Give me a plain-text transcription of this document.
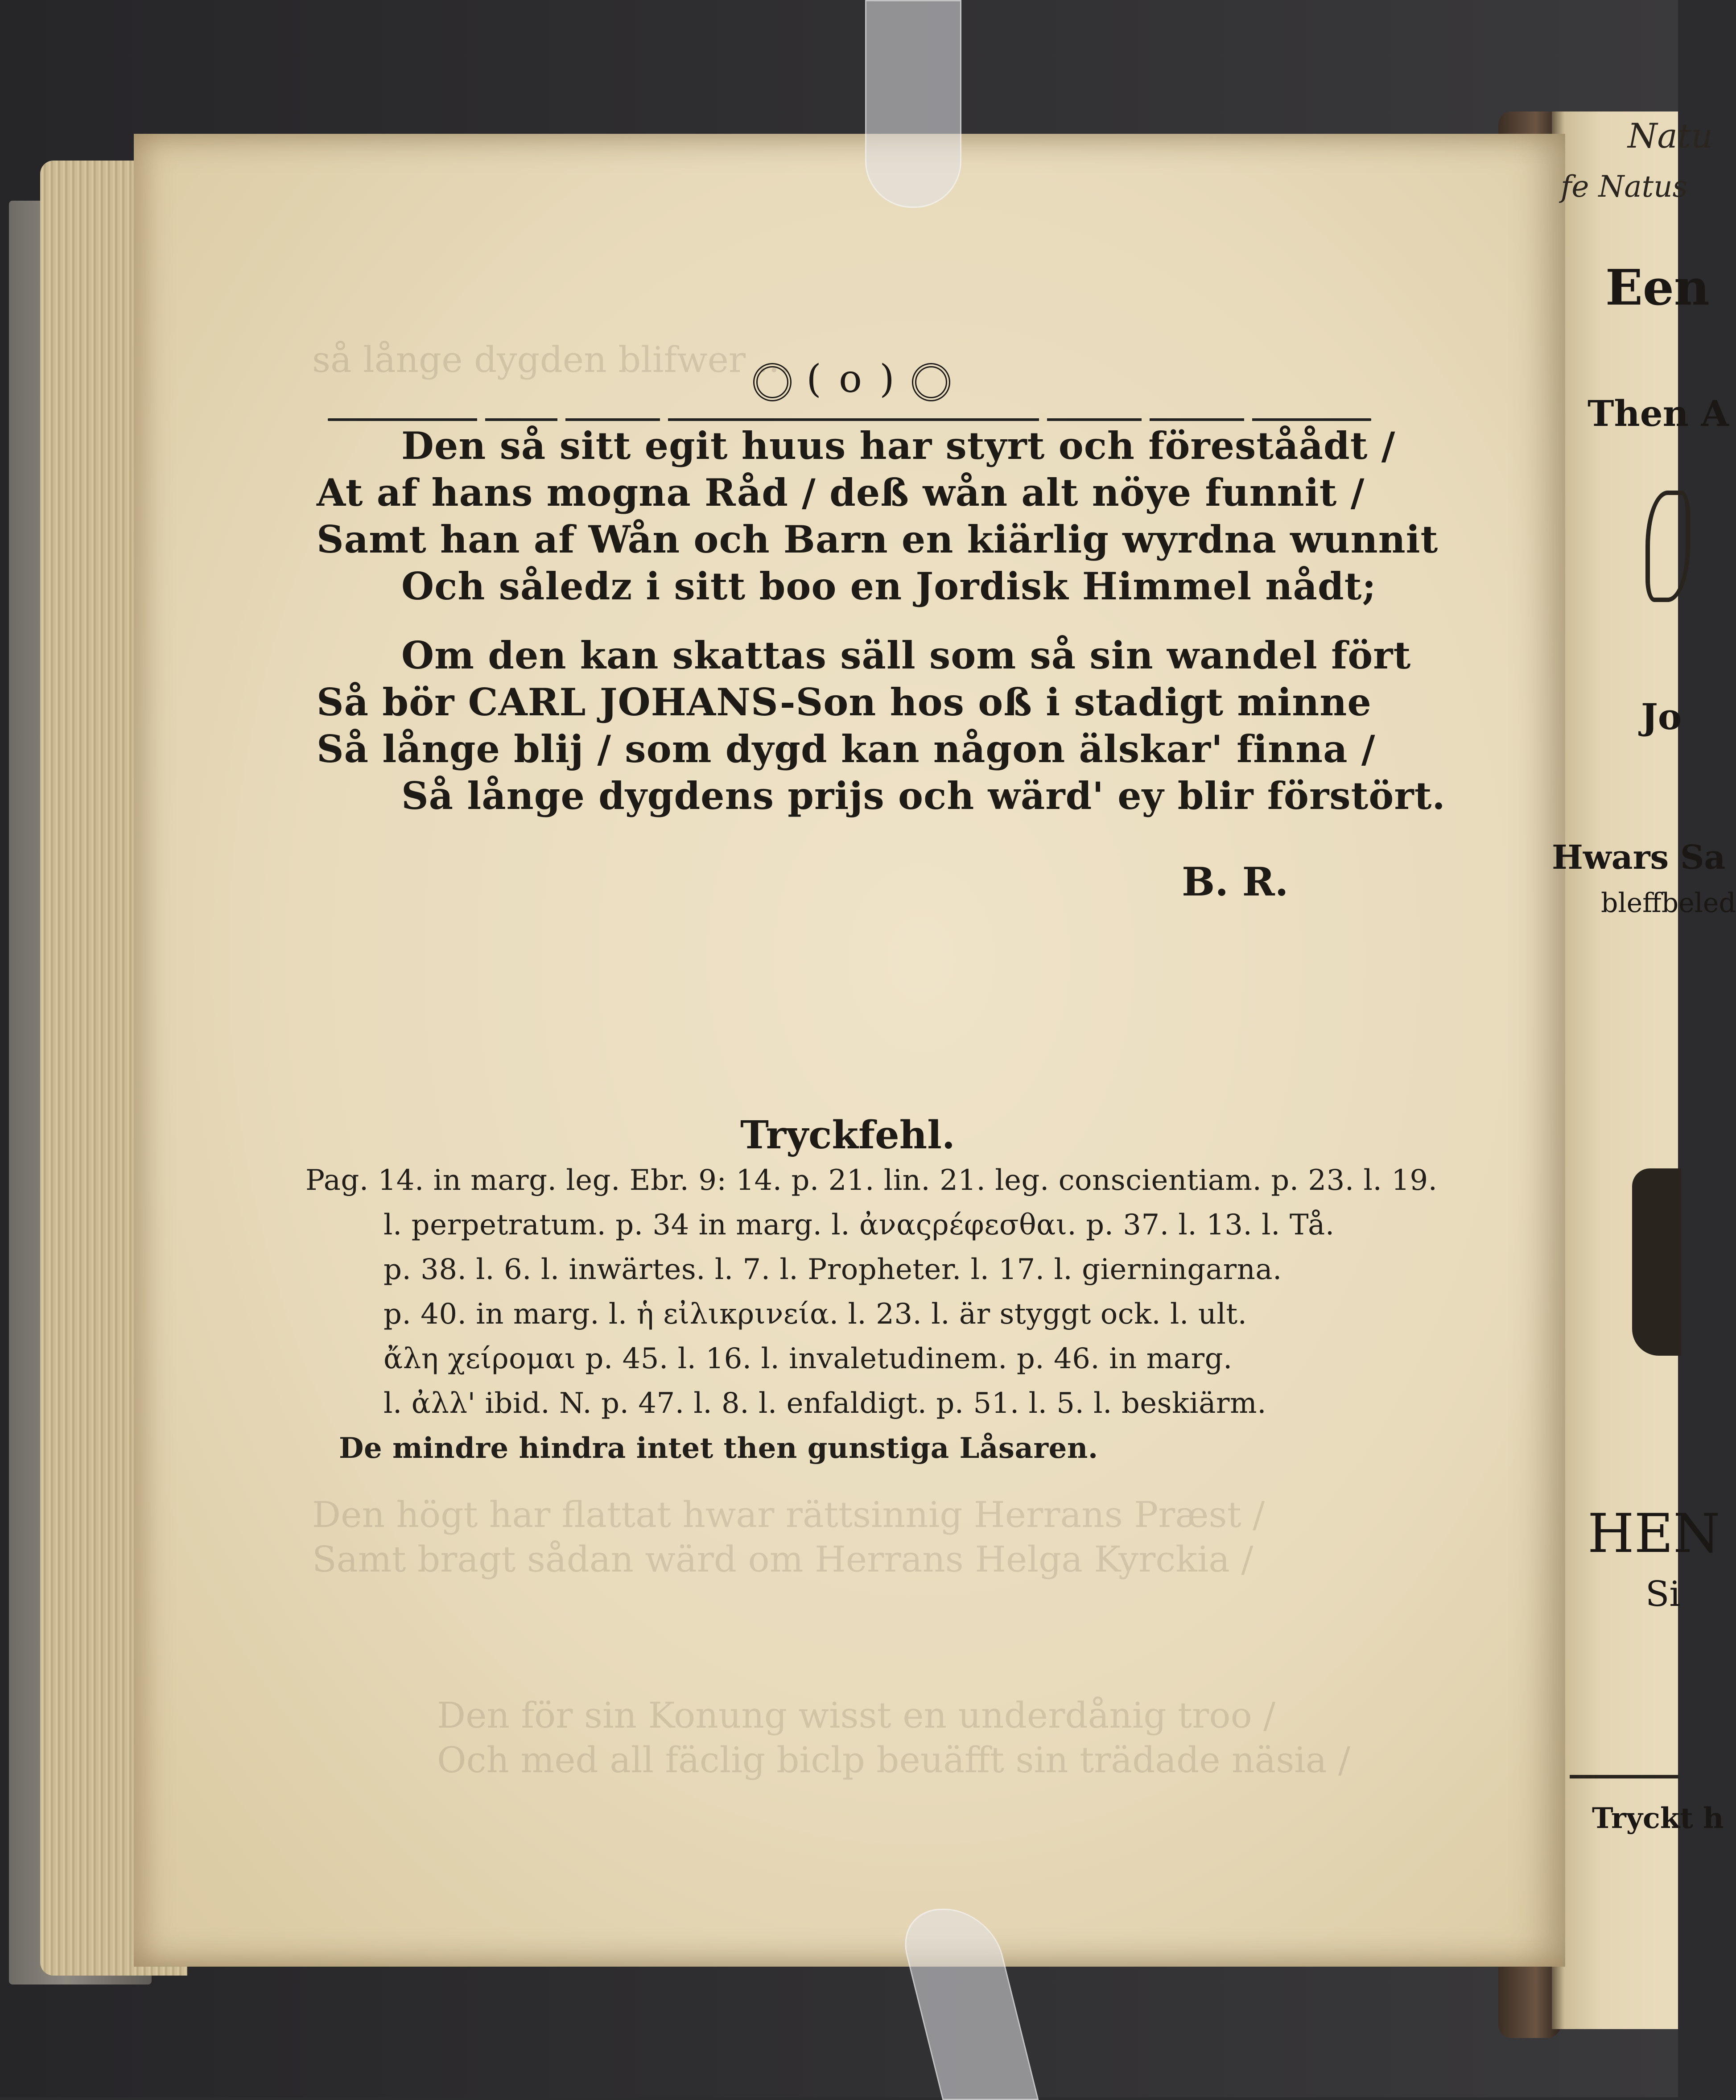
så långe dygden blifwer ...
Den högt har flattat hwar rättsinnig Herrans Præst /
Samt bragt sådan wärd om Herrans Helga Kyrckia /
Den för sin Konung wisst en underdånig troo /
Och med all fäclig biclp beuäfft sin trädade näsia /
( o )
Den så sitt egit huus har styrt och föreståådt /
At af hans mogna Råd / deß wån alt nöye funnit /
Samt han af Wån och Barn en kiärlig wyrdna wunnit
Och såledz i sitt boo en Jordisk Himmel nådt;
Om den kan skattas säll som så sin wandel fört
Så bör CARL JOHANS-Son hos oß i stadigt minne
Så långe blij / som dygd kan någon älskar' finna /
Så långe dygdens prijs och wärd' ey blir förstört.
B. R.
Tryckfehl.
Pag. 14. in marg. leg. Ebr. 9: 14. p. 21. lin. 21. leg. conscientiam. p. 23. l. 19.
l. perpetratum. p. 34 in marg. l. ἀναςρέφεσθαι. p. 37. l. 13. l. Tå.
p. 38. l. 6. l. inwärtes. l. 7. l. Propheter. l. 17. l. gierningarna.
p. 40. in marg. l. ἡ εἰλικρινεία. l. 23. l. är styggt ock. l. ult.
ἄλη χείρομαι p. 45. l. 16. l. invaletudinem. p. 46. in marg.
l. ἀλλ' ibid. N. p. 47. l. 8. l. enfaldigt. p. 51. l. 5. l. beskiärm.
De mindre hindra intet then gunstiga Låsaren.
Natu
fe Natus
Een
Then A
Jo
Hwars Sa
bleffbeled
HEN
Si
Tryckt h
